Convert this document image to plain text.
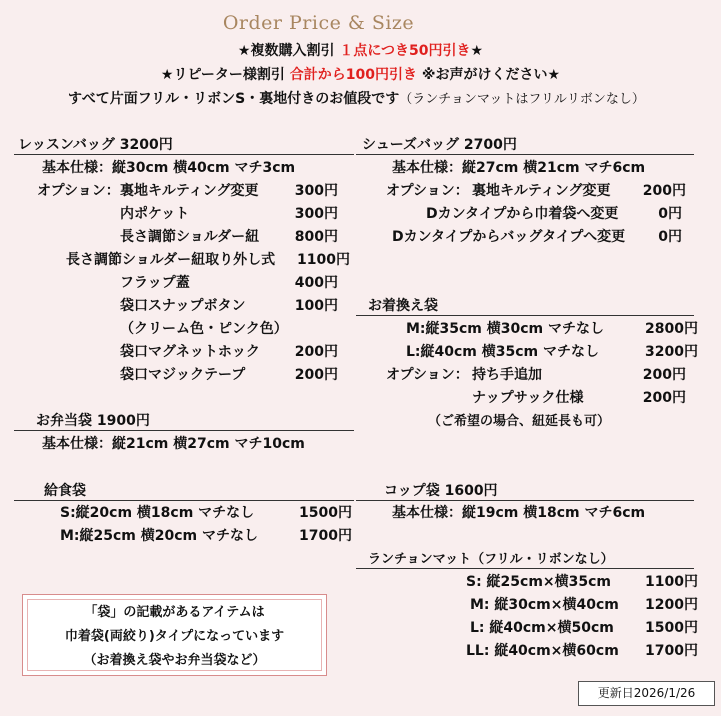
Order Price & Size
★複数購入割引 １点につき50円引き★
★リピーター様割引 合計から100円引き ※お声がけください★
すべて片面フリル・リボンS・裏地付きのお値段です（ランチョンマットはフリルリボンなし）
レッスンバッグ 3200円
基本仕様：縦30cm 横40cm マチ3cm
オプション： 裏地キルティング変更	300円
内ポケット	300円
長さ調節ショルダー紐	800円
長さ調節ショルダー紐取り外し式	1100円
フラップ蓋	400円
袋口スナップボタン	100円
（クリーム色・ピンク色）
袋口マグネットホック	200円
袋口マジックテープ	200円
お弁当袋 1900円
基本仕様：縦21cm 横27cm マチ10cm
給食袋
S:縦20cm 横18cm マチなし	1500円
M:縦25cm 横20cm マチなし	1700円
「袋」の記載があるアイテムは
巾着袋(両絞り)タイプになっています
（お着換え袋やお弁当袋など）
シューズバッグ 2700円
基本仕様：縦27cm 横21cm マチ6cm
オプション： 裏地キルティング変更	200円
Dカンタイプから巾着袋へ変更	0円
Dカンタイプからバッグタイプへ変更	0円
お着換え袋
M:縦35cm 横30cm マチなし	2800円
L:縦40cm 横35cm マチなし	3200円
オプション： 持ち手追加	200円
ナップサック仕様	200円
（ご希望の場合、紐延長も可）
コップ袋 1600円
基本仕様：縦19cm 横18cm マチ6cm
ランチョンマット（フリル・リボンなし）
S: 縦25cm×横35cm	1100円
M: 縦30cm×横40cm	1200円
L: 縦40cm×横50cm	1500円
LL: 縦40cm×横60cm	1700円
更新日2026/1/26
